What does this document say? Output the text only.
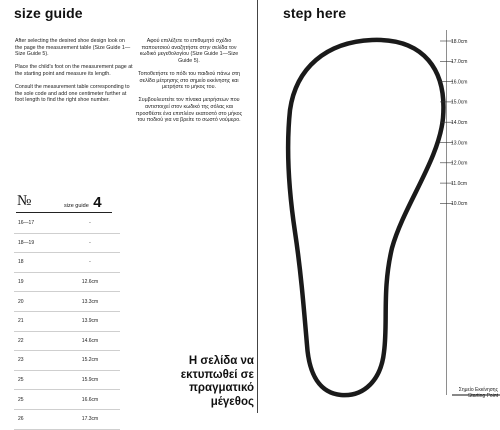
size guide

After selecting the desired shoe design look on the page the measurement table (Size Guide 1—Size Guide 5).

Place the child's foot on the measurement page at the starting point and measure its length.

Consult the measurement table corresponding to the sole code and add one centimeter further at foot length to find the right shoe number.

Αφού επιλέξετε το επιθυμητό σχέδιο παπουτσιού αναζητήστε στην σελίδα τον κωδικό μεγεθολογίου (Size Guide 1—Size Guide 5).

Τοποθετήστε το πόδι του παιδιού πάνω στη σελίδα μέτρησης στο σημείο εκκίνησης και μετρήστε το μήκος του.

Συμβουλευτείτε τον πίνακα μετρήσεων που αντιστοιχεί στον κωδικό της σόλας και προσθέστε ένα επιπλέον εκατοστό στο μήκος του ποδιού για να βρείτε το σωστό νούμερο.

№	size guide 4
16—17	-
18—19	-
18	-
19	12.6cm
20	13.3cm
21	13.9cm
22	14.6cm
23	15.2cm
25	15.9cm
25	16.6cm
26	17.3cm
Η σελίδα να εκτυπωθεί σε πραγματικό μέγεθος
step here
18.0cm
17.0cm
16.0cm
15.0cm
14.0cm
13.0cm
12.0cm
11.0cm
10.0cm
Σημείο Εκκίνησης
Starting Point
